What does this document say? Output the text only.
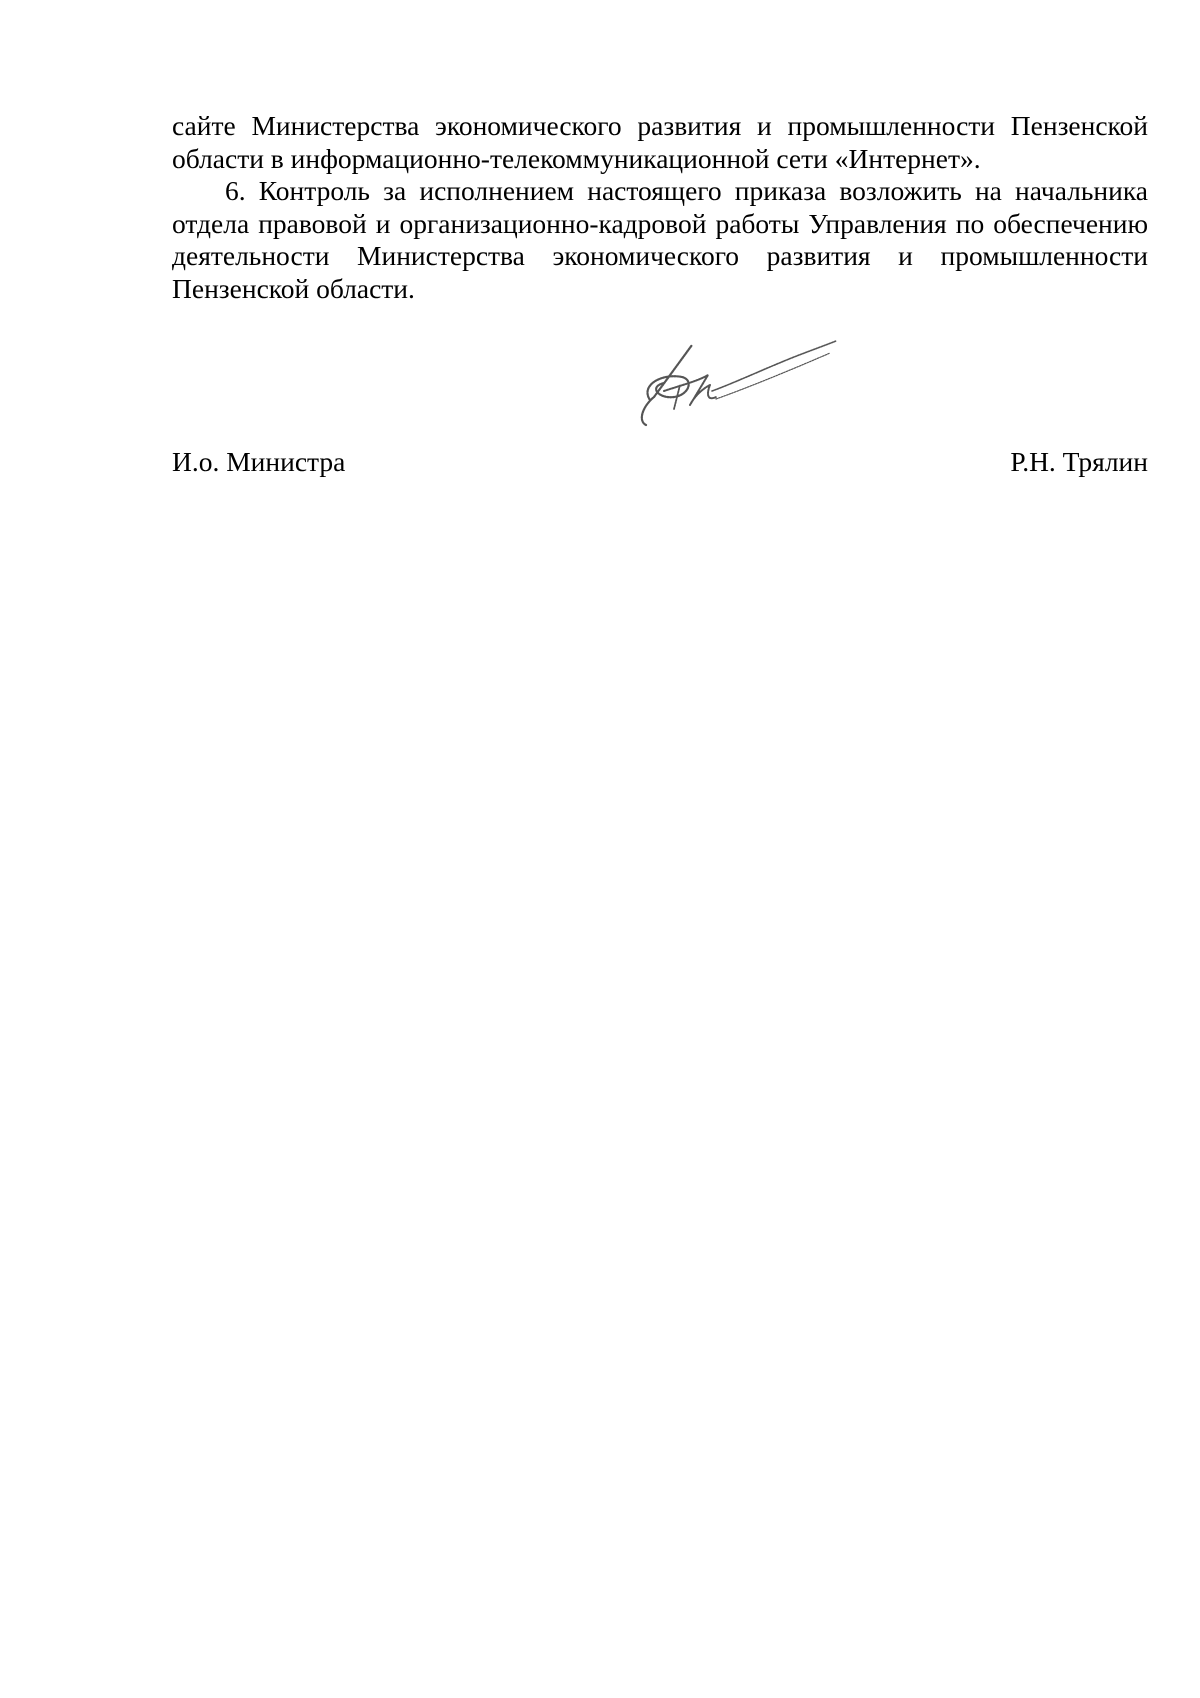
сайте Министерства экономического развития и промышленности Пензенской области в информационно-телекоммуникационной сети «Интернет».

6. Контроль за исполнением настоящего приказа возложить на начальника отдела правовой и организационно-кадровой работы Управления по обеспечению деятельности Министерства экономического развития и промышленности Пензенской области.

И.о. Министра	Р.Н. Трялин
